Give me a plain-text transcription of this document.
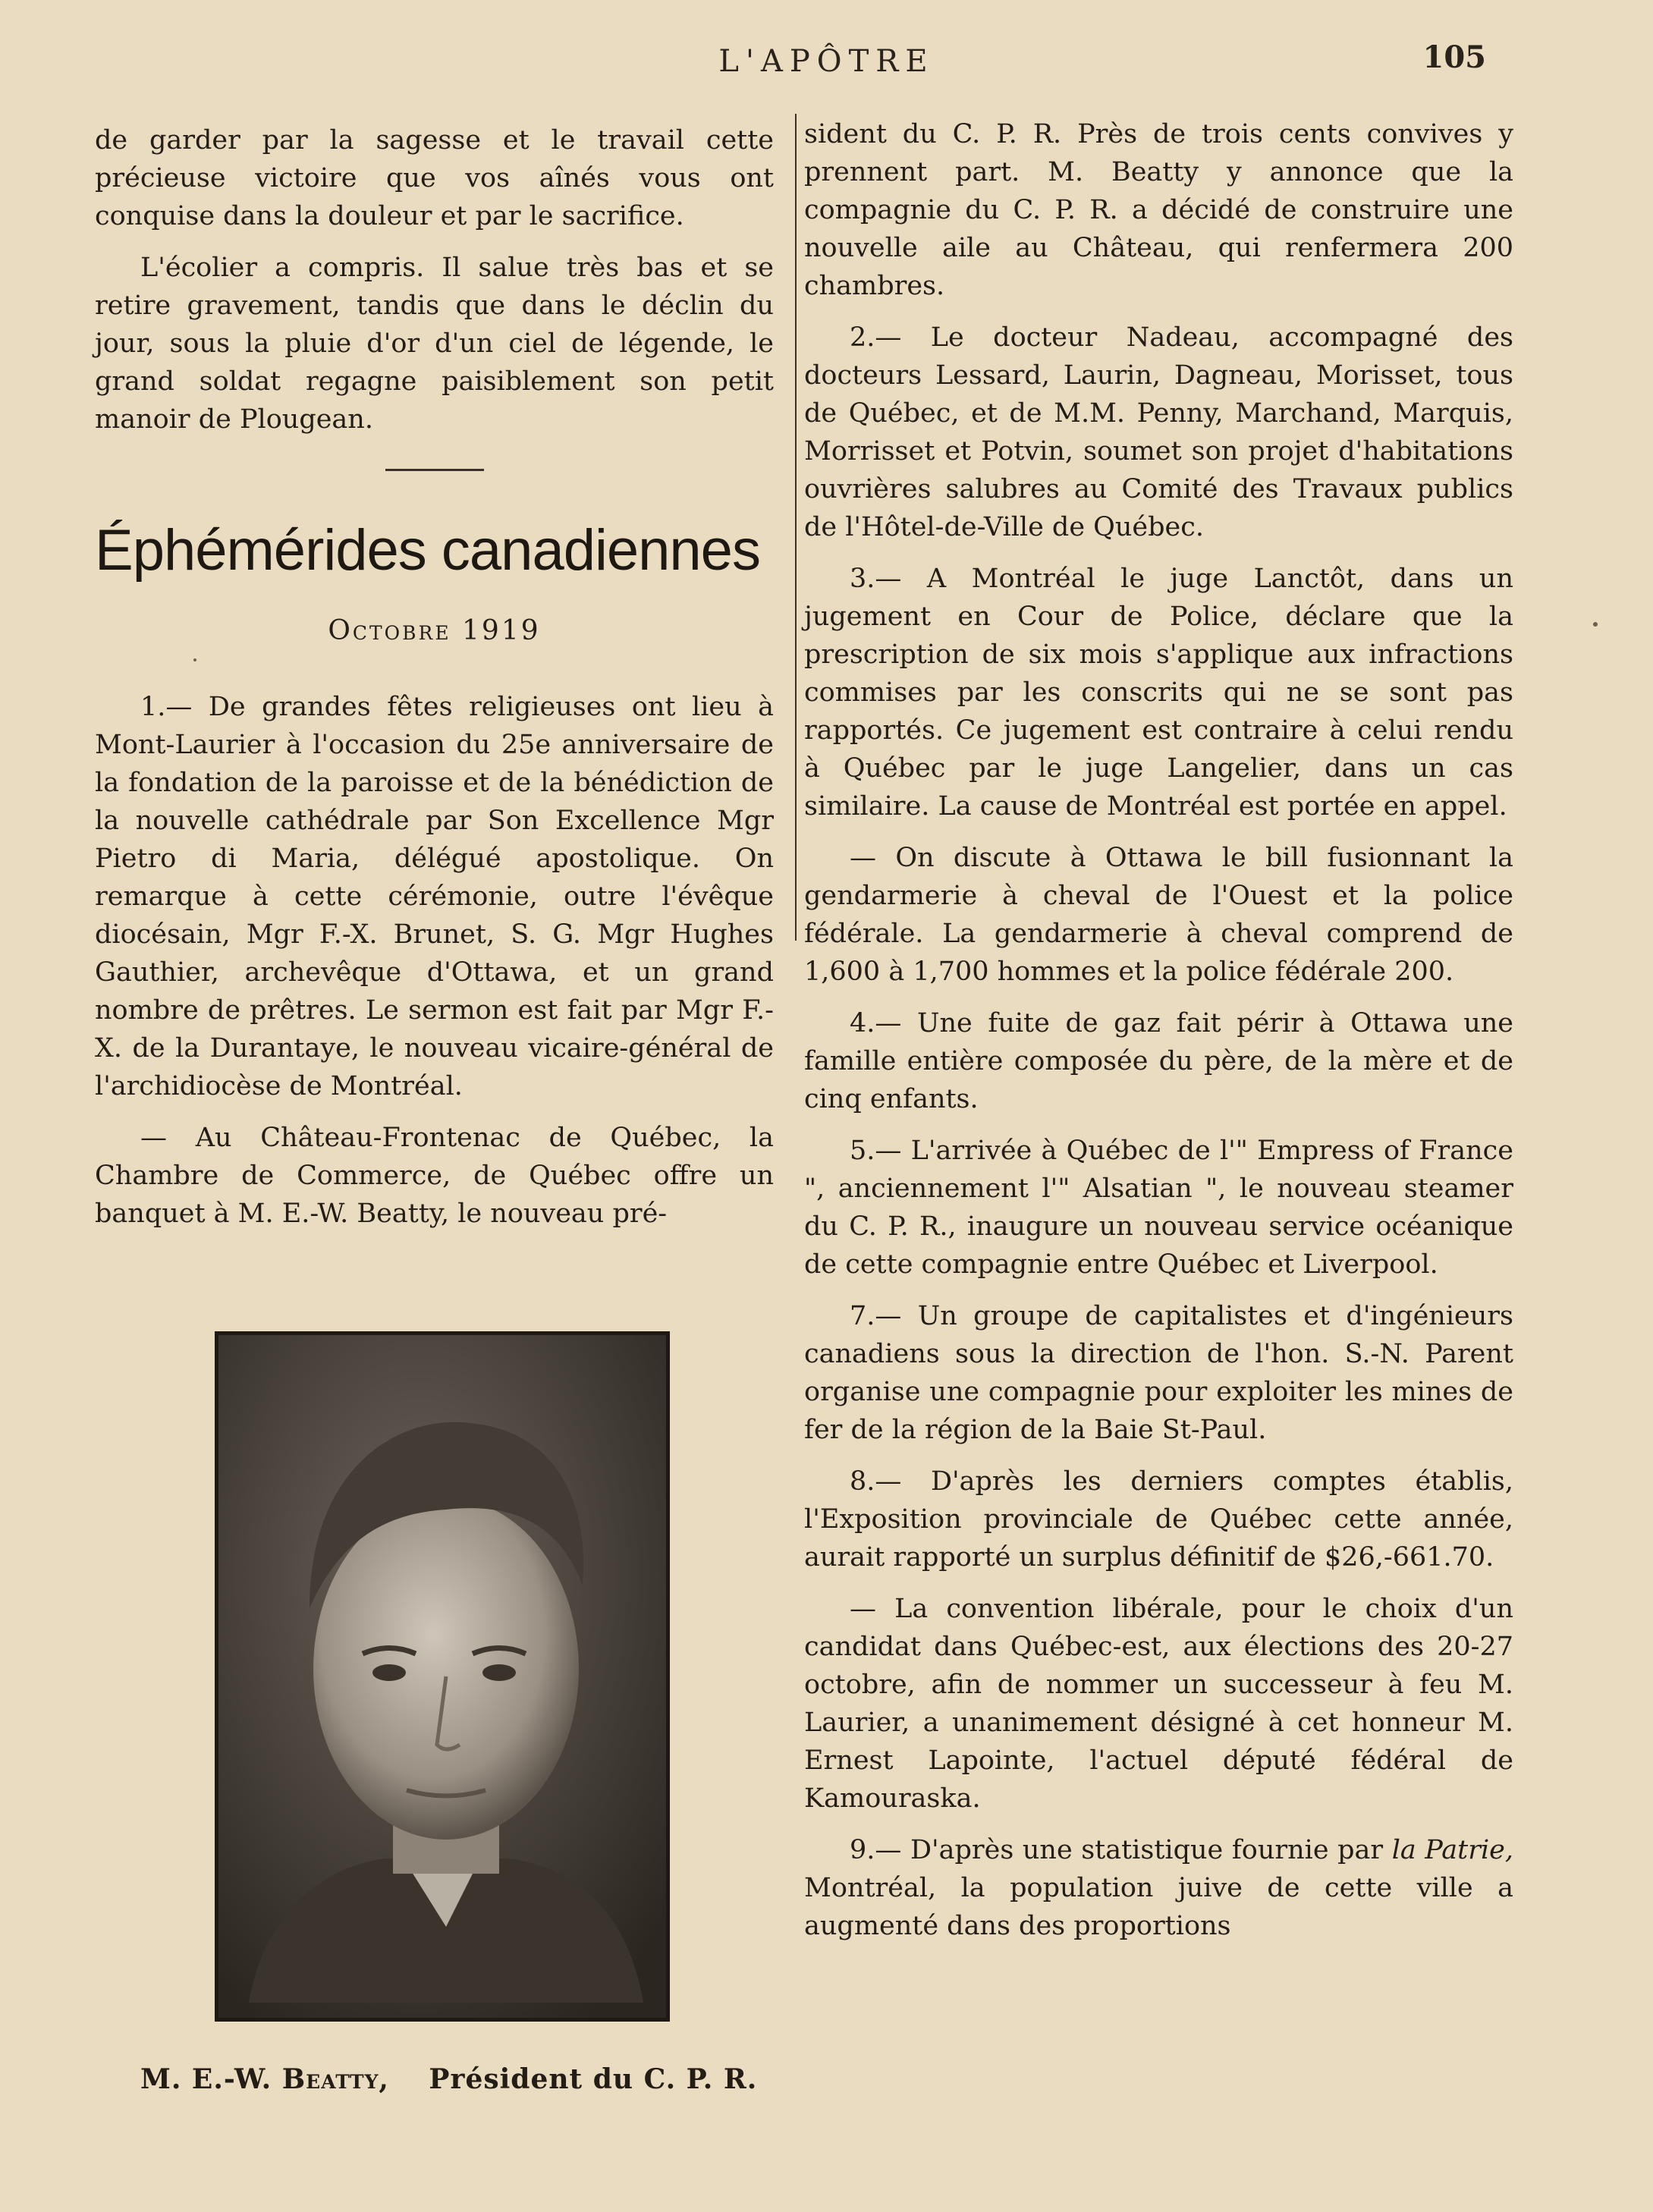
L'APÔTRE	105

de garder par la sagesse et le travail cette précieuse victoire que vos aînés vous ont conquise dans la douleur et par le sacrifice.

L'écolier a compris. Il salue très bas et se retire gravement, tandis que dans le déclin du jour, sous la pluie d'or d'un ciel de légende, le grand soldat regagne paisiblement son petit manoir de Plougean.

Éphémérides canadiennes
Octobre 1919

1.— De grandes fêtes religieuses ont lieu à Mont-Laurier à l'occasion du 25e anniversaire de la fondation de la paroisse et de la bénédiction de la nouvelle cathédrale par Son Excellence Mgr Pietro di Maria, délégué apostolique. On remarque à cette cérémonie, outre l'évêque diocésain, Mgr F.-X. Brunet, S. G. Mgr Hughes Gauthier, archevêque d'Ottawa, et un grand nombre de prêtres. Le sermon est fait par Mgr F.-X. de la Durantaye, le nouveau vicaire-général de l'archidiocèse de Montréal.

— Au Château-Frontenac de Québec, la Chambre de Commerce, de Québec offre un banquet à M. E.-W. Beatty, le nouveau pré-

M. E.-W. Beatty, Président du C. P. R.

sident du C. P. R. Près de trois cents convives y prennent part. M. Beatty y annonce que la compagnie du C. P. R. a décidé de construire une nouvelle aile au Château, qui renfermera 200 chambres.

2.— Le docteur Nadeau, accompagné des docteurs Lessard, Laurin, Dagneau, Morisset, tous de Québec, et de M.M. Penny, Marchand, Marquis, Morrisset et Potvin, soumet son projet d'habitations ouvrières salubres au Comité des Travaux publics de l'Hôtel-de-Ville de Québec.

3.— A Montréal le juge Lanctôt, dans un jugement en Cour de Police, déclare que la prescription de six mois s'applique aux infractions commises par les conscrits qui ne se sont pas rapportés. Ce jugement est contraire à celui rendu à Québec par le juge Langelier, dans un cas similaire. La cause de Montréal est portée en appel.

— On discute à Ottawa le bill fusionnant la gendarmerie à cheval de l'Ouest et la police fédérale. La gendarmerie à cheval comprend de 1,600 à 1,700 hommes et la police fédérale 200.

4.— Une fuite de gaz fait périr à Ottawa une famille entière composée du père, de la mère et de cinq enfants.

5.— L'arrivée à Québec de l'" Empress of France ", anciennement l'" Alsatian ", le nouveau steamer du C. P. R., inaugure un nouveau service océanique de cette compagnie entre Québec et Liverpool.

7.— Un groupe de capitalistes et d'ingénieurs canadiens sous la direction de l'hon. S.-N. Parent organise une compagnie pour exploiter les mines de fer de la région de la Baie St-Paul.

8.— D'après les derniers comptes établis, l'Exposition provinciale de Québec cette année, aurait rapporté un surplus définitif de $26,-661.70.

— La convention libérale, pour le choix d'un candidat dans Québec-est, aux élections des 20-27 octobre, afin de nommer un successeur à feu M. Laurier, a unanimement désigné à cet honneur M. Ernest Lapointe, l'actuel député fédéral de Kamouraska.

9.— D'après une statistique fournie par la Patrie, Montréal, la population juive de cette ville a augmenté dans des proportions
